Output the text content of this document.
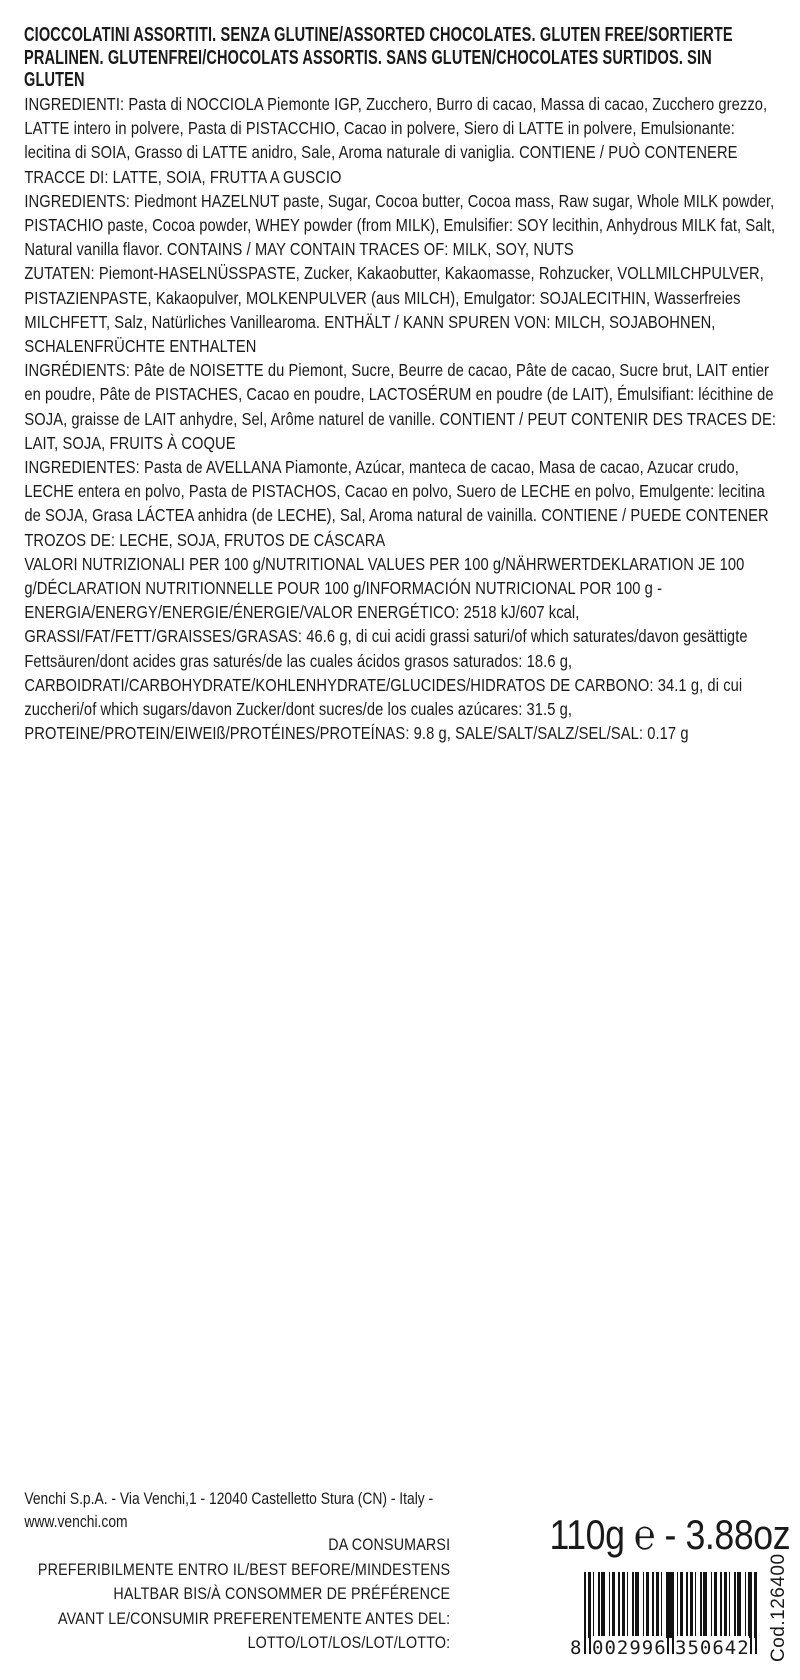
CIOCCOLATINI ASSORTITI. SENZA GLUTINE/ASSORTED CHOCOLATES. GLUTEN FREE/SORTIERTE PRALINEN. GLUTENFREI/CHOCOLATS ASSORTIS. SANS GLUTEN/CHOCOLATES SURTIDOS. SIN GLUTEN

INGREDIENTI: Pasta di NOCCIOLA Piemonte IGP, Zucchero, Burro di cacao, Massa di cacao, Zucchero grezzo, LATTE intero in polvere, Pasta di PISTACCHIO, Cacao in polvere, Siero di LATTE in polvere, Emulsionante: lecitina di SOIA, Grasso di LATTE anidro, Sale, Aroma naturale di vaniglia. CONTIENE / PUÒ CONTENERE TRACCE DI: LATTE, SOIA, FRUTTA A GUSCIO

INGREDIENTS: Piedmont HAZELNUT paste, Sugar, Cocoa butter, Cocoa mass, Raw sugar, Whole MILK powder, PISTACHIO paste, Cocoa powder, WHEY powder (from MILK), Emulsifier: SOY lecithin, Anhydrous MILK fat, Salt, Natural vanilla flavor. CONTAINS / MAY CONTAIN TRACES OF: MILK, SOY, NUTS

ZUTATEN: Piemont-HASELNÜSSPASTE, Zucker, Kakaobutter, Kakaomasse, Rohzucker, VOLLMILCHPULVER, PISTAZIENPASTE, Kakaopulver, MOLKENPULVER (aus MILCH), Emulgator: SOJALECITHIN, Wasserfreies MILCHFETT, Salz, Natürliches Vanillearoma. ENTHÄLT / KANN SPUREN VON: MILCH, SOJABOHNEN, SCHALENFRÜCHTE ENTHALTEN

INGRÉDIENTS: Pâte de NOISETTE du Piemont, Sucre, Beurre de cacao, Pâte de cacao, Sucre brut, LAIT entier en poudre, Pâte de PISTACHES, Cacao en poudre, LACTOSÉRUM en poudre (de LAIT), Émulsifiant: lécithine de SOJA, graisse de LAIT anhydre, Sel, Arôme naturel de vanille. CONTIENT / PEUT CONTENIR DES TRACES DE: LAIT, SOJA, FRUITS À COQUE

INGREDIENTES: Pasta de AVELLANA Piamonte, Azúcar, manteca de cacao, Masa de cacao, Azucar crudo, LECHE entera en polvo, Pasta de PISTACHOS, Cacao en polvo, Suero de LECHE en polvo, Emulgente: lecitina de SOJA, Grasa LÁCTEA anhidra (de LECHE), Sal, Aroma natural de vainilla. CONTIENE / PUEDE CONTENER TROZOS DE: LECHE, SOJA, FRUTOS DE CÁSCARA

VALORI NUTRIZIONALI PER 100 g/NUTRITIONAL VALUES PER 100 g/NÄHRWERTDEKLARATION JE 100 g/DÉCLARATION NUTRITIONNELLE POUR 100 g/INFORMACIÓN NUTRICIONAL POR 100 g -

ENERGIA/ENERGY/ENERGIE/ÉNERGIE/VALOR ENERGÉTICO: 2518 kJ/607 kcal,

GRASSI/FAT/FETT/GRAISSES/GRASAS: 46.6 g, di cui acidi grassi saturi/of which saturates/davon gesättigte Fettsäuren/dont acides gras saturés/de las cuales ácidos grasos saturados: 18.6 g,

CARBOIDRATI/CARBOHYDRATE/KOHLENHYDRATE/GLUCIDES/HIDRATOS DE CARBONO: 34.1 g, di cui zuccheri/of which sugars/davon Zucker/dont sucres/de los cuales azúcares: 31.5 g,

PROTEINE/PROTEIN/EIWEIß/PROTÉINES/PROTEÍNAS: 9.8 g, SALE/SALT/SALZ/SEL/SAL: 0.17 g

Venchi S.p.A. - Via Venchi,1 - 12040 Castelletto Stura (CN) - Italy -
www.venchi.com
DA CONSUMARSI
PREFERIBILMENTE ENTRO IL/BEST BEFORE/MINDESTENS
HALTBAR BIS/À CONSOMMER DE PRÉFÉRENCE
AVANT LE/CONSUMIR PREFERENTEMENTE ANTES DEL:
LOTTO/LOT/LOS/LOT/LOTTO:
110g ℮ - 3.88oz
8 002996 350642 Cod.126400
